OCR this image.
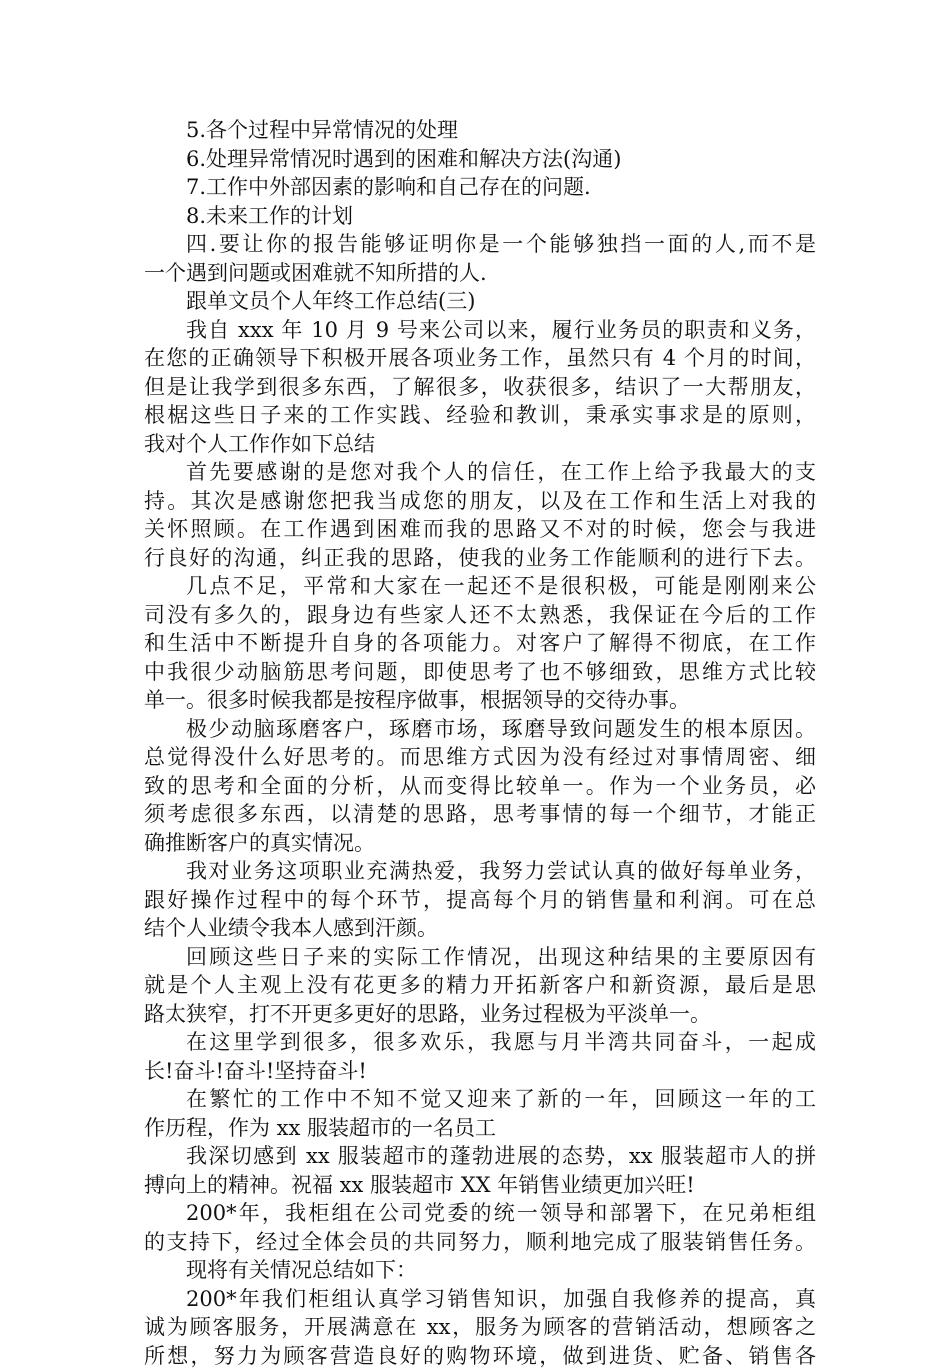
5.各个过程中异常情况的处理
6.处理异常情况时遇到的困难和解决方法(沟通)
7.工作中外部因素的影响和自己存在的问题.
8.未来工作的计划
四.要让你的报告能够证明你是一个能够独挡一面的人,而不是
一个遇到问题或困难就不知所措的人.
跟单文员个人年终工作总结(三)
我自 xxx 年 10 月 9 号来公司以来，履行业务员的职责和义务，
在您的正确领导下积极开展各项业务工作，虽然只有 4 个月的时间，
但是让我学到很多东西，了解很多，收获很多，结识了一大帮朋友，
根椐这些日子来的工作实践、经验和教训，秉承实事求是的原则，
我对个人工作作如下总结
首先要感谢的是您对我个人的信任，在工作上给予我最大的支
持。其次是感谢您把我当成您的朋友，以及在工作和生活上对我的
关怀照顾。在工作遇到困难而我的思路又不对的时候，您会与我进
行良好的沟通，纠正我的思路，使我的业务工作能顺利的进行下去。
几点不足，平常和大家在一起还不是很积极，可能是刚刚来公
司没有多久的，跟身边有些家人还不太熟悉，我保证在今后的工作
和生活中不断提升自身的各项能力。对客户了解得不彻底，在工作
中我很少动脑筋思考问题，即使思考了也不够细致，思维方式比较
单一。很多时候我都是按程序做事，根据领导的交待办事。
极少动脑琢磨客户，琢磨市场，琢磨导致问题发生的根本原因。
总觉得没什么好思考的。而思维方式因为没有经过对事情周密、细
致的思考和全面的分析，从而变得比较单一。作为一个业务员，必
须考虑很多东西，以清楚的思路，思考事情的每一个细节，才能正
确推断客户的真实情况。
我对业务这项职业充满热爱，我努力尝试认真的做好每单业务，
跟好操作过程中的每个环节，提高每个月的销售量和利润。可在总
结个人业绩令我本人感到汗颜。
回顾这些日子来的实际工作情况，出现这种结果的主要原因有
就是个人主观上没有花更多的精力开拓新客户和新资源，最后是思
路太狭窄，打不开更多更好的思路，业务过程极为平淡单一。
在这里学到很多，很多欢乐，我愿与月半湾共同奋斗，一起成
长!奋斗!奋斗!坚持奋斗!
在繁忙的工作中不知不觉又迎来了新的一年，回顾这一年的工
作历程，作为 xx 服装超市的一名员工
我深切感到 xx 服装超市的蓬勃进展的态势，xx 服装超市人的拼
搏向上的精神。祝福 xx 服装超市 XX 年销售业绩更加兴旺!
200*年，我柜组在公司党委的统一领导和部署下，在兄弟柜组
的支持下，经过全体会员的共同努力，顺利地完成了服装销售任务。
现将有关情况总结如下：
200*年我们柜组认真学习销售知识，加强自我修养的提高，真
诚为顾客服务，开展满意在 xx，服务为顾客的营销活动，想顾客之
所想，努力为顾客营造良好的购物环境，做到进货、贮备、销售各
